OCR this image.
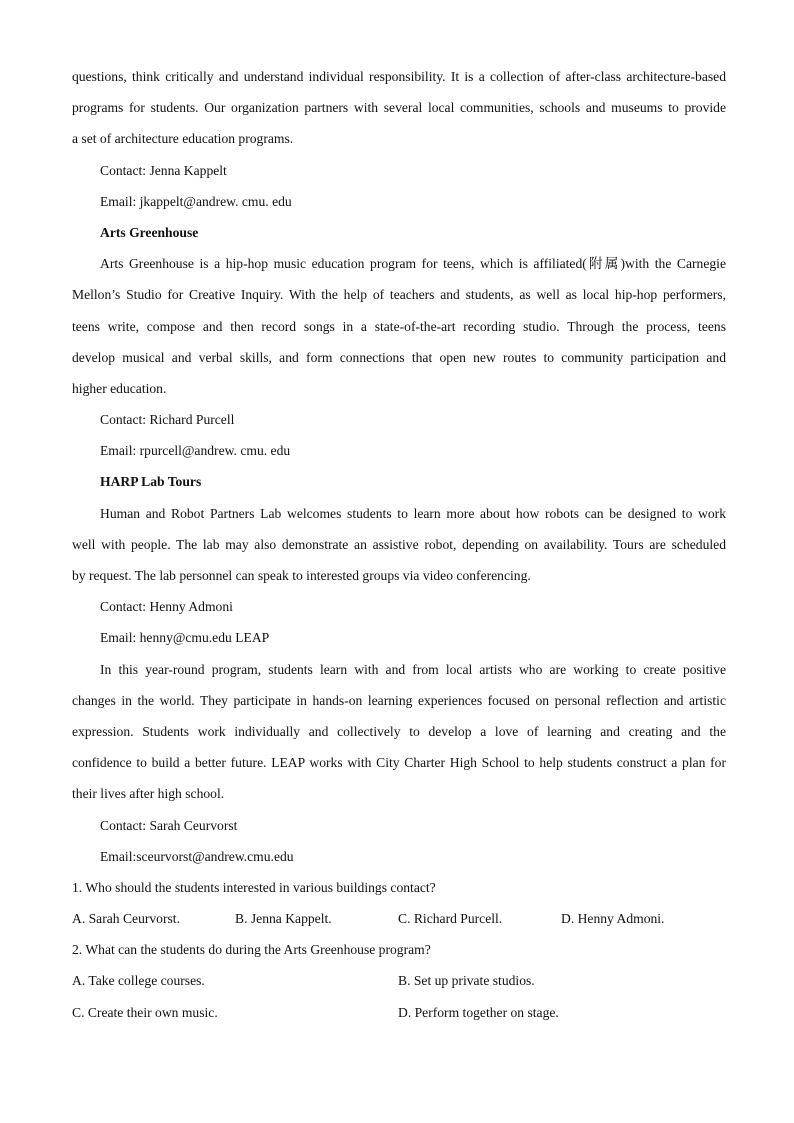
questions, think critically and understand individual responsibility. It is a collection of after-class architecture-based
programs for students. Our organization partners with several local communities, schools and museums to provide
a set of architecture education programs.
Contact: Jenna Kappelt
Email: jkappelt@andrew. cmu. edu
Arts Greenhouse
Arts Greenhouse is a hip-hop music education program for teens, which is affiliated(附属)with the Carnegie
Mellon’s Studio for Creative Inquiry. With the help of teachers and students, as well as local hip-hop performers,
teens write, compose and then record songs in a state-of-the-art recording studio. Through the process, teens
develop musical and verbal skills, and form connections that open new routes to community participation and
higher education.
Contact: Richard Purcell
Email: rpurcell@andrew. cmu. edu
HARP Lab Tours
Human and Robot Partners Lab welcomes students to learn more about how robots can be designed to work
well with people. The lab may also demonstrate an assistive robot, depending on availability. Tours are scheduled
by request. The lab personnel can speak to interested groups via video conferencing.
Contact: Henny Admoni
Email: henny@cmu.edu LEAP
In this year-round program, students learn with and from local artists who are working to create positive
changes in the world. They participate in hands-on learning experiences focused on personal reflection and artistic
expression. Students work individually and collectively to develop a love of learning and creating and the
confidence to build a better future. LEAP works with City Charter High School to help students construct a plan for
their lives after high school.
Contact: Sarah Ceurvorst
Email:sceurvorst@andrew.cmu.edu
1. Who should the students interested in various buildings contact?
A. Sarah Ceurvorst.	B. Jenna Kappelt.	C. Richard Purcell.	D. Henny Admoni.
2. What can the students do during the Arts Greenhouse program?
A. Take college courses.	B. Set up private studios.
C. Create their own music.	D. Perform together on stage.
